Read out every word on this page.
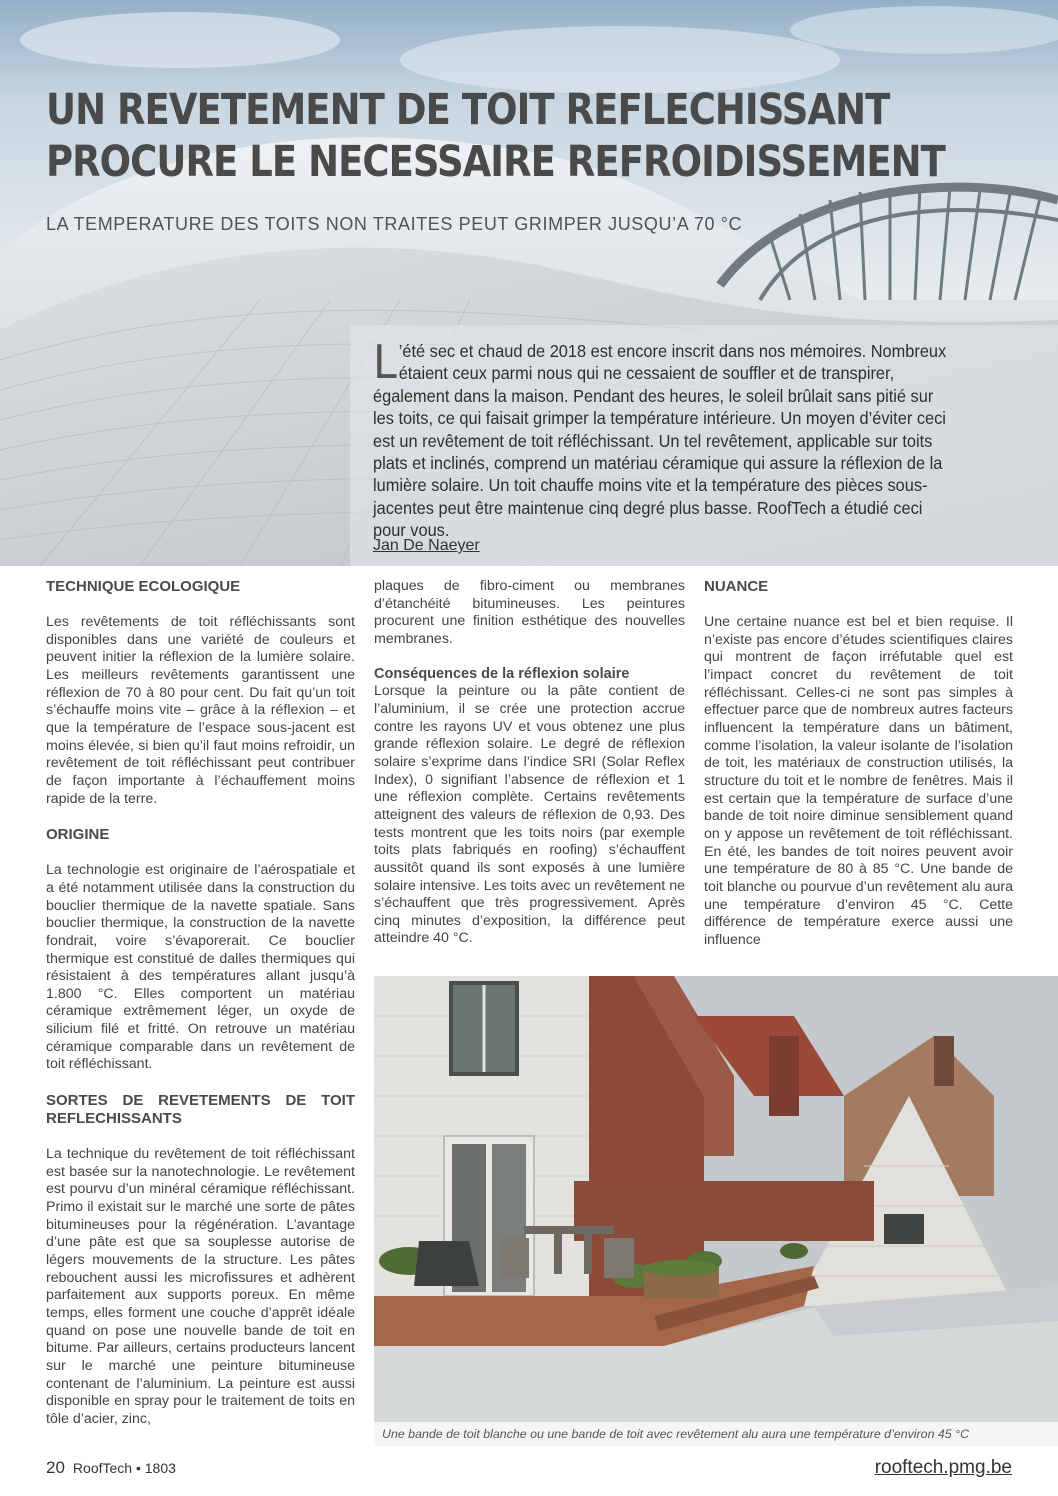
UN REVETEMENT DE TOIT REFLECHISSANT
PROCURE LE NECESSAIRE REFROIDISSEMENT

LA TEMPERATURE DES TOITS NON TRAITES PEUT GRIMPER JUSQU’A 70 °C

L ’été sec et chaud de 2018 est encore inscrit dans nos mémoires. Nombreux étaient ceux parmi nous qui ne cessaient de souffler et de transpirer, également dans la maison. Pendant des heures, le soleil brûlait sans pitié sur les toits, ce qui faisait grimper la température intérieure. Un moyen d’éviter ceci est un revêtement de toit réfléchissant. Un tel revêtement, applicable sur toits plats et inclinés, comprend un matériau céramique qui assure la réflexion de la lumière solaire. Un toit chauffe moins vite et la température des pièces sous-jacentes peut être maintenue cinq degré plus basse. RoofTech a étudié ceci pour vous.

Jan De Naeyer

TECHNIQUE ECOLOGIQUE

Les revêtements de toit réfléchissants sont disponibles dans une variété de couleurs et peuvent initier la réflexion de la lumière solaire. Les meilleurs revêtements garantissent une réflexion de 70 à 80 pour cent. Du fait qu’un toit s’échauffe moins vite – grâce à la réflexion – et que la température de l’espace sous-jacent est moins élevée, si bien qu’il faut moins refroidir, un revêtement de toit réfléchissant peut contribuer de façon importante à l’échauffement moins rapide de la terre.

ORIGINE

La technologie est originaire de l’aérospatiale et a été notamment utilisée dans la construction du bouclier thermique de la navette spatiale. Sans bouclier thermique, la construction de la navette fondrait, voire s’évaporerait. Ce bouclier thermique est constitué de dalles thermiques qui résistaient à des températures allant jusqu’à 1.800 °C. Elles comportent un matériau céramique extrêmement léger, un oxyde de silicium filé et fritté. On retrouve un matériau céramique comparable dans un revêtement de toit réfléchissant.

SORTES DE REVETEMENTS DE TOIT REFLECHISSANTS

La technique du revêtement de toit réfléchissant est basée sur la nanotechnologie. Le revêtement est pourvu d’un minéral céramique réfléchissant. Primo il existait sur le marché une sorte de pâtes bitumineuses pour la régénération. L’avantage d’une pâte est que sa souplesse autorise de légers mouvements de la structure. Les pâtes rebouchent aussi les microfissures et adhèrent parfaitement aux supports poreux. En même temps, elles forment une couche d’apprêt idéale quand on pose une nouvelle bande de toit en bitume. Par ailleurs, certains producteurs lancent sur le marché une peinture bitumineuse contenant de l’aluminium. La peinture est aussi disponible en spray pour le traitement de toits en tôle d’acier, zinc,

plaques de fibro-ciment ou membranes d’étanchéité bitumineuses. Les peintures procurent une finition esthétique des nouvelles membranes.

Conséquences de la réflexion solaire

Lorsque la peinture ou la pâte contient de l’aluminium, il se crée une protection accrue contre les rayons UV et vous obtenez une plus grande réflexion solaire. Le degré de réflexion solaire s’exprime dans l’indice SRI (Solar Reflex Index), 0 signifiant l’absence de réflexion et 1 une réflexion complète. Certains revêtements atteignent des valeurs de réflexion de 0,93. Des tests montrent que les toits noirs (par exemple toits plats fabriqués en roofing) s’échauffent aussitôt quand ils sont exposés à une lumière solaire intensive. Les toits avec un revêtement ne s’échauffent que très progressivement. Après cinq minutes d’exposition, la différence peut atteindre 40 °C.

NUANCE

Une certaine nuance est bel et bien requise. Il n’existe pas encore d’études scientifiques claires qui montrent de façon irréfutable quel est l’impact concret du revêtement de toit réfléchissant. Celles-ci ne sont pas simples à effectuer parce que de nombreux autres facteurs influencent la température dans un bâtiment, comme l’isolation, la valeur isolante de l’isolation de toit, les matériaux de construction utilisés, la structure du toit et le nombre de fenêtres. Mais il est certain que la température de surface d’une bande de toit noire diminue sensiblement quand on y appose un revêtement de toit réfléchissant. En été, les bandes de toit noires peuvent avoir une température de 80 à 85 °C. Une bande de toit blanche ou pourvue d’un revêtement alu aura une température d’environ 45 °C. Cette différence de température exerce aussi une influence

Une bande de toit blanche ou une bande de toit avec revêtement alu aura une température d’environ 45 °C
20 RoofTech • 1803	rooftech.pmg.be
